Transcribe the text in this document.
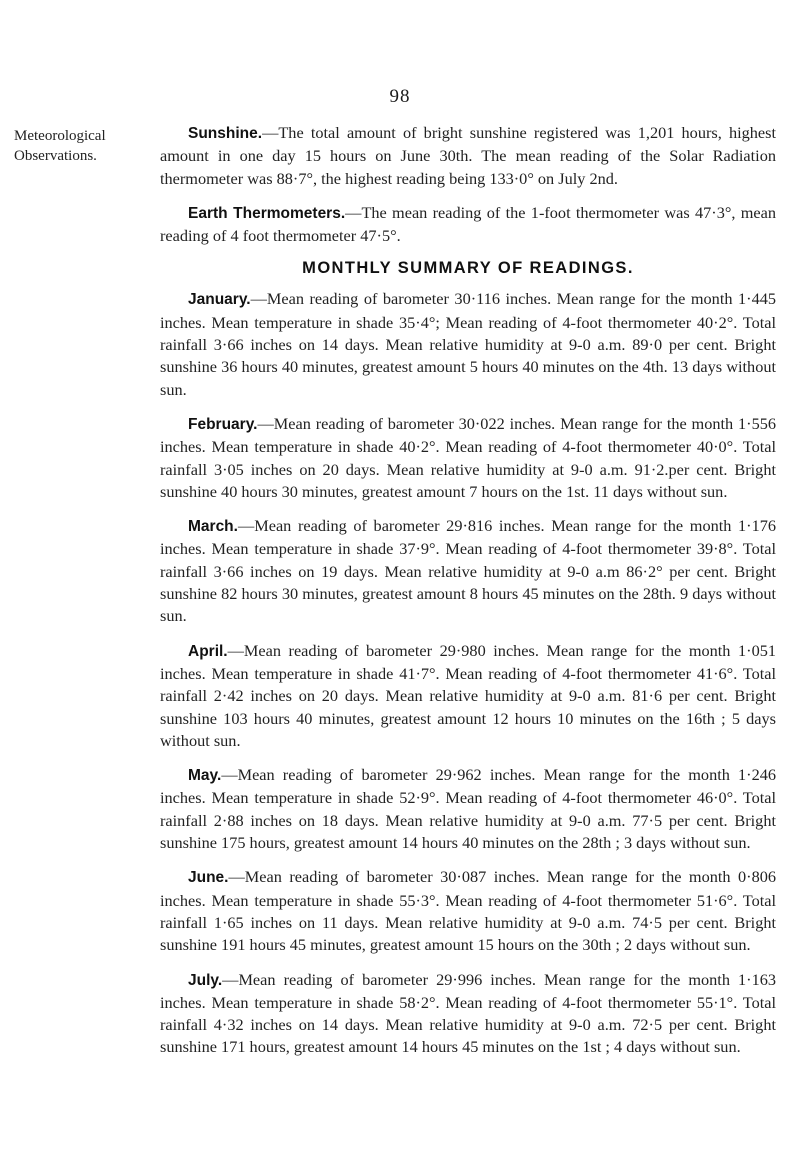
98
Meteorological
Observations.

Sunshine.—The total amount of bright sunshine registered was 1,201 hours, highest amount in one day 15 hours on June 30th. The mean reading of the Solar Radiation thermometer was 88·7°, the highest reading being 133·0° on July 2nd.

Earth Thermometers.—The mean reading of the 1-foot thermometer was 47·3°, mean reading of 4 foot thermometer 47·5°.

MONTHLY SUMMARY OF READINGS.

January.—Mean reading of barometer 30·116 inches. Mean range for the month 1·445 inches. Mean temperature in shade 35·4°; Mean reading of 4-foot thermometer 40·2°. Total rainfall 3·66 inches on 14 days. Mean relative humidity at 9-0 a.m. 89·0 per cent. Bright sunshine 36 hours 40 minutes, greatest amount 5 hours 40 minutes on the 4th. 13 days without sun.

February.—Mean reading of barometer 30·022 inches. Mean range for the month 1·556 inches. Mean temperature in shade 40·2°. Mean reading of 4-foot thermometer 40·0°. Total rainfall 3·05 inches on 20 days. Mean relative humidity at 9-0 a.m. 91·2.per cent. Bright sunshine 40 hours 30 minutes, greatest amount 7 hours on the 1st. 11 days without sun.

March.—Mean reading of barometer 29·816 inches. Mean range for the month 1·176 inches. Mean temperature in shade 37·9°. Mean reading of 4-foot thermometer 39·8°. Total rainfall 3·66 inches on 19 days. Mean relative humidity at 9-0 a.m 86·2° per cent. Bright sunshine 82 hours 30 minutes, greatest amount 8 hours 45 minutes on the 28th. 9 days without sun.

April.—Mean reading of barometer 29·980 inches. Mean range for the month 1·051 inches. Mean temperature in shade 41·7°. Mean reading of 4-foot thermometer 41·6°. Total rainfall 2·42 inches on 20 days. Mean relative humidity at 9-0 a.m. 81·6 per cent. Bright sunshine 103 hours 40 minutes, greatest amount 12 hours 10 minutes on the 16th ; 5 days without sun.

May.—Mean reading of barometer 29·962 inches. Mean range for the month 1·246 inches. Mean temperature in shade 52·9°. Mean reading of 4-foot thermometer 46·0°. Total rainfall 2·88 inches on 18 days. Mean relative humidity at 9-0 a.m. 77·5 per cent. Bright sunshine 175 hours, greatest amount 14 hours 40 minutes on the 28th ; 3 days without sun.

June.—Mean reading of barometer 30·087 inches. Mean range for the month 0·806 inches. Mean temperature in shade 55·3°. Mean reading of 4-foot thermometer 51·6°. Total rainfall 1·65 inches on 11 days. Mean relative humidity at 9-0 a.m. 74·5 per cent. Bright sunshine 191 hours 45 minutes, greatest amount 15 hours on the 30th ; 2 days without sun.

July.—Mean reading of barometer 29·996 inches. Mean range for the month 1·163 inches. Mean temperature in shade 58·2°. Mean reading of 4-foot thermometer 55·1°. Total rainfall 4·32 inches on 14 days. Mean relative humidity at 9-0 a.m. 72·5 per cent. Bright sunshine 171 hours, greatest amount 14 hours 45 minutes on the 1st ; 4 days without sun.
